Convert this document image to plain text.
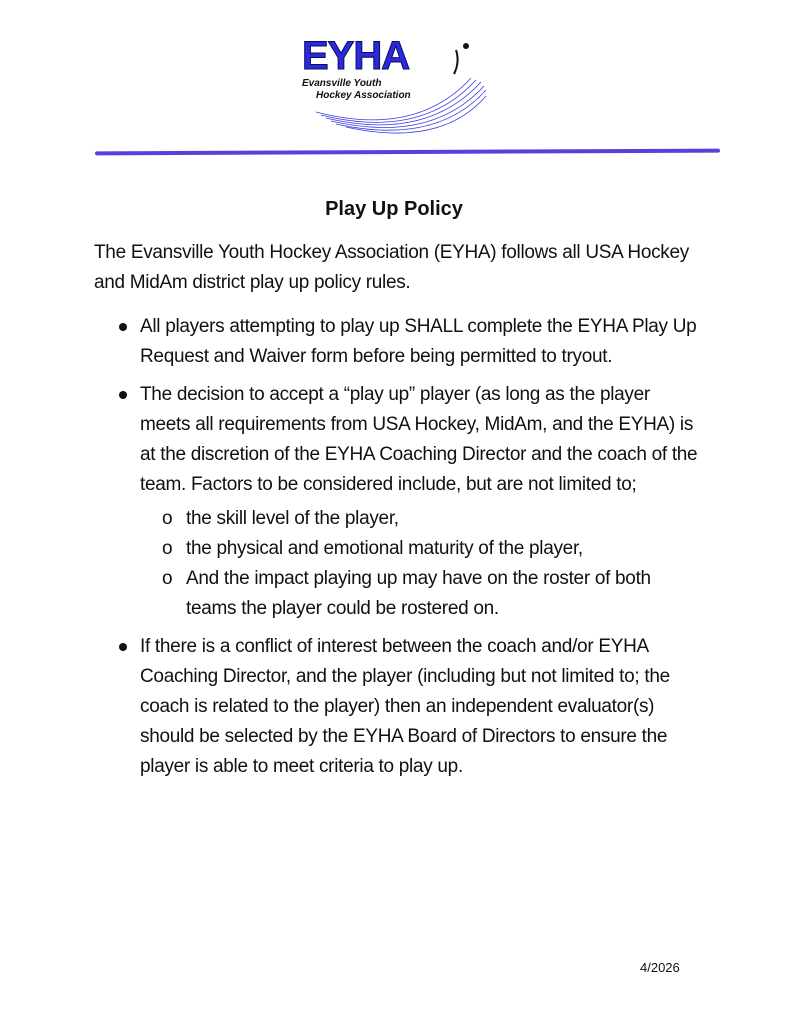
EYHA
Evansville Youth
Hockey Association
Play Up Policy
The Evansville Youth Hockey Association (EYHA) follows all USA Hockey and MidAm district play up policy rules.
All players attempting to play up SHALL complete the EYHA Play Up Request and Waiver form before being permitted to tryout.
The decision to accept a “play up” player (as long as the player meets all requirements from USA Hockey, MidAm, and the EYHA) is at the discretion of the EYHA Coaching Director and the coach of the team. Factors to be considered include, but are not limited to;
o the skill level of the player,
o the physical and emotional maturity of the player,
o And the impact playing up may have on the roster of both teams the player could be rostered on.
If there is a conflict of interest between the coach and/or EYHA Coaching Director, and the player (including but not limited to; the coach is related to the player) then an independent evaluator(s) should be selected by the EYHA Board of Directors to ensure the player is able to meet criteria to play up.
4/2026
